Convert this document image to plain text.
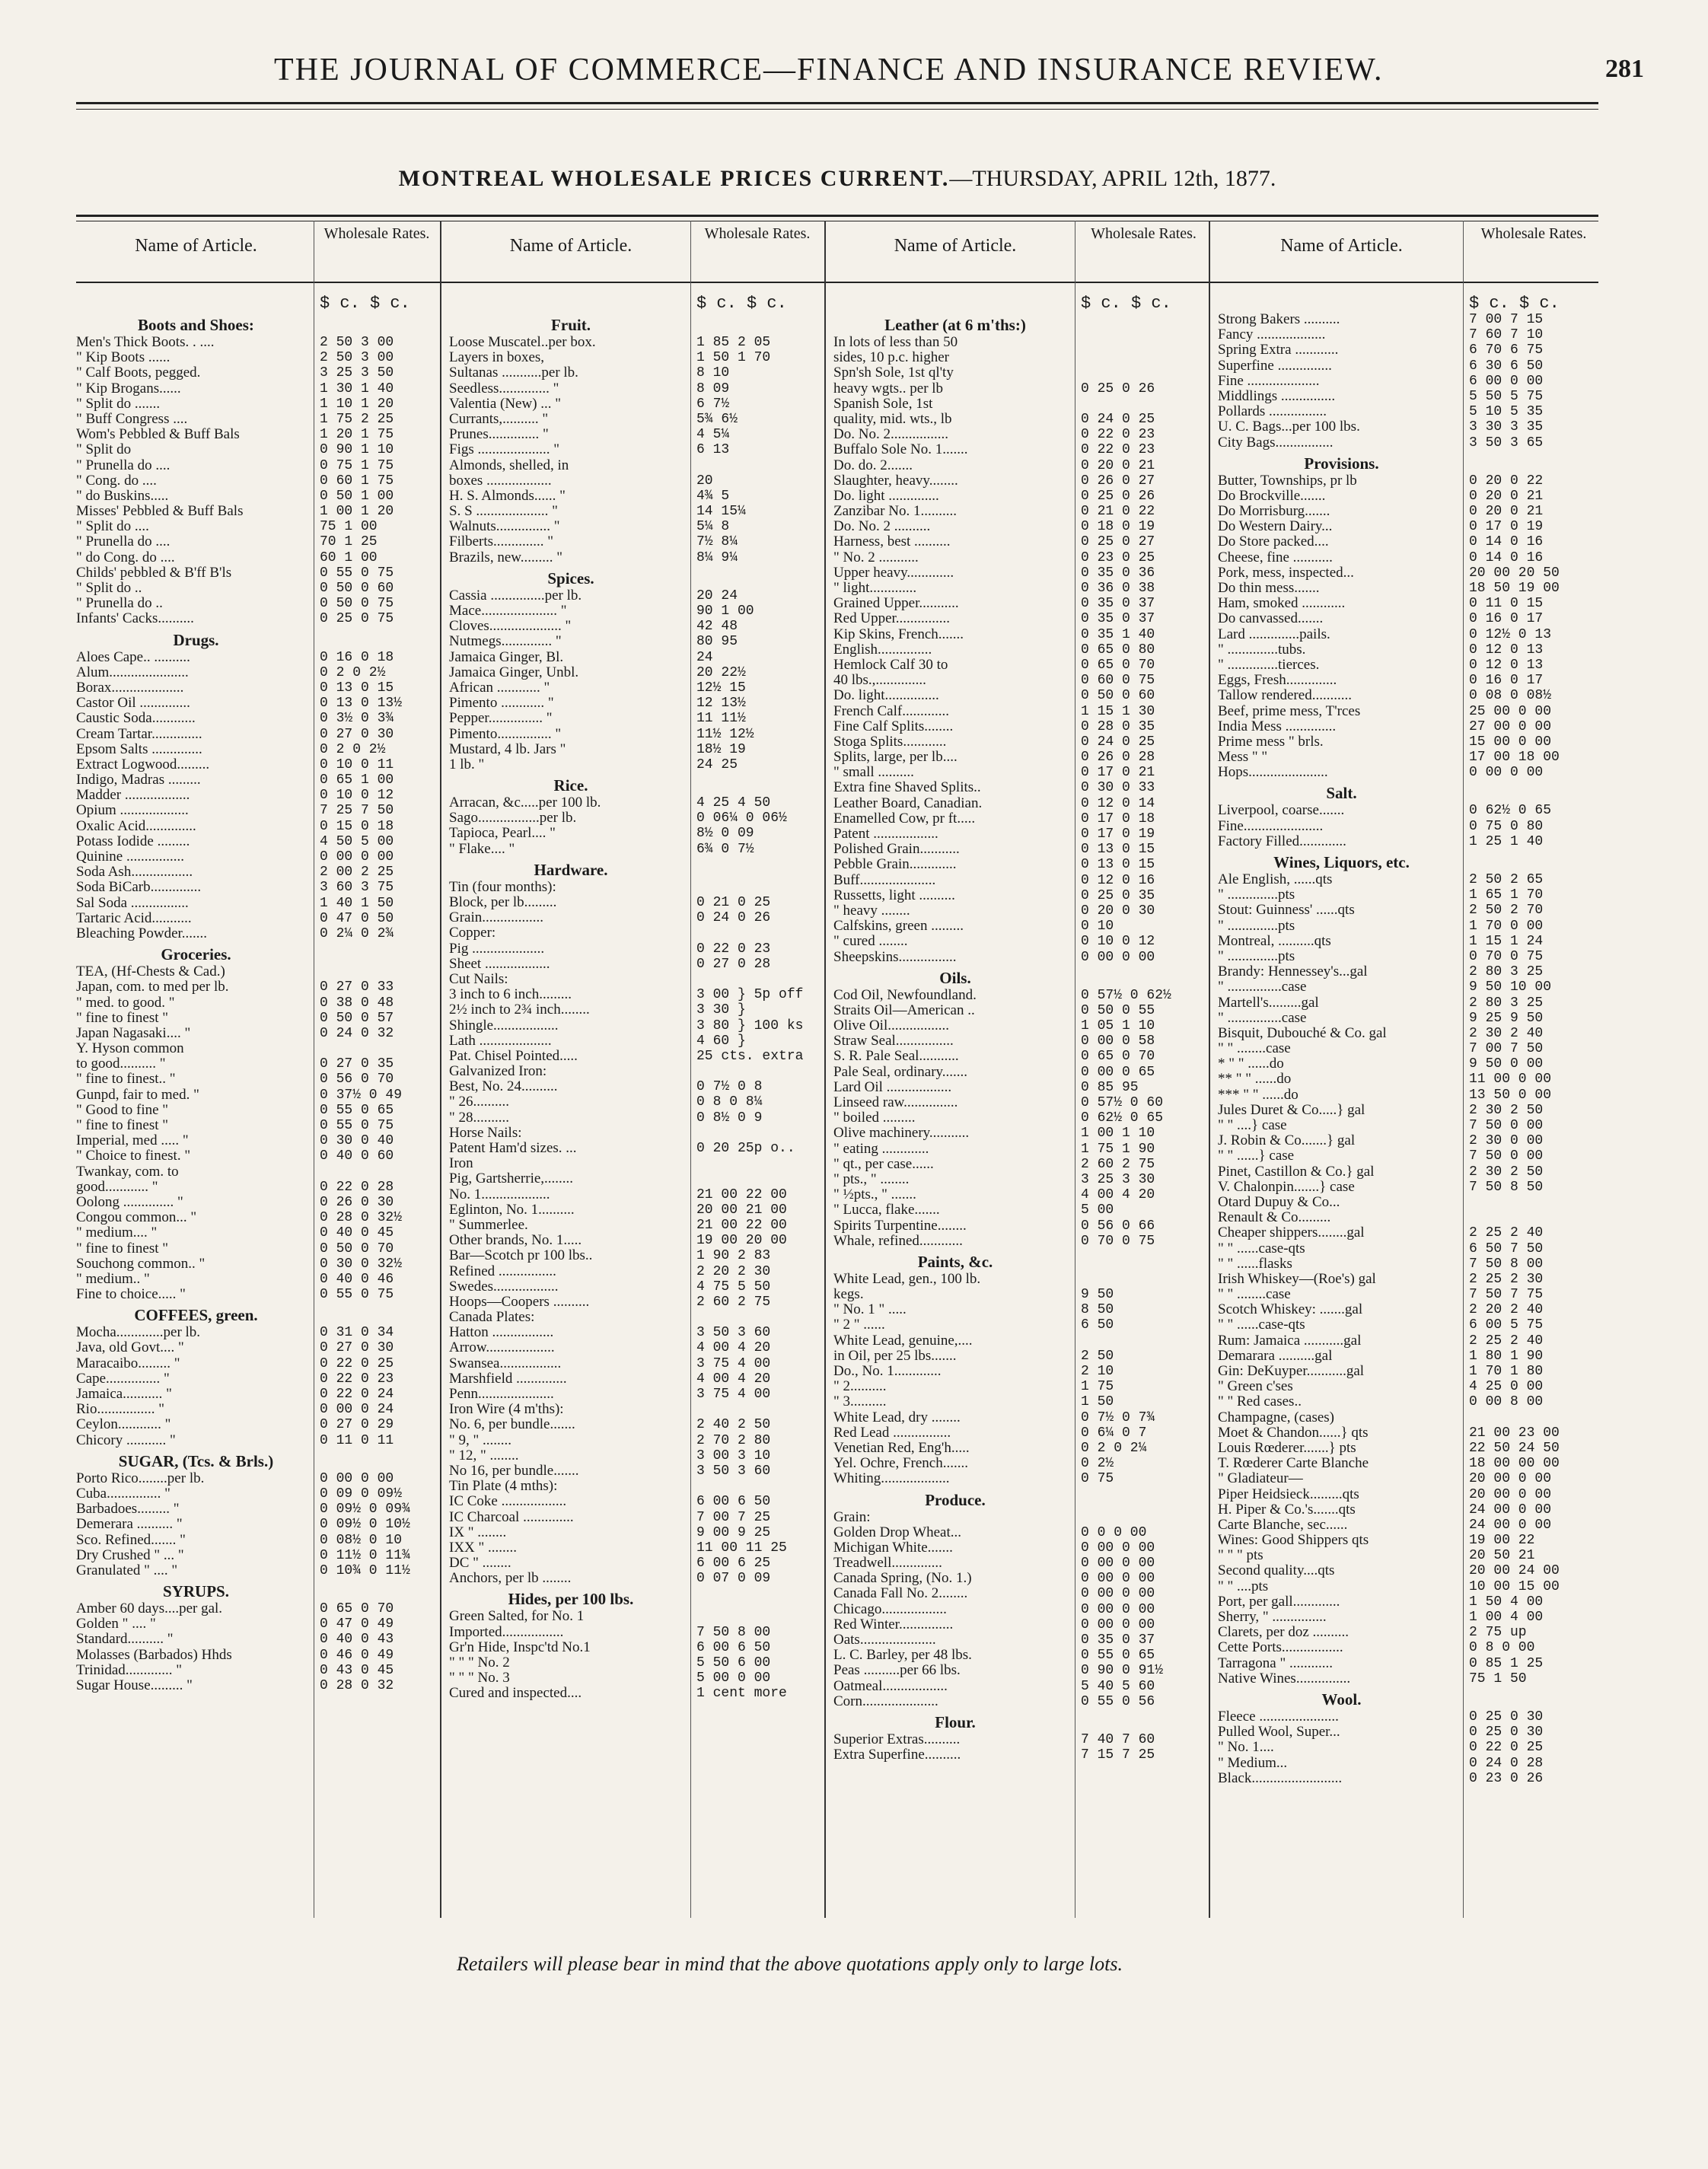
THE JOURNAL OF COMMERCE—FINANCE AND INSURANCE REVIEW.	281
MONTREAL WHOLESALE PRICES CURRENT.—THURSDAY, APRIL 12th, 1877.
Name of Article.
Wholesale Rates.
$ c. $ c.
Boots and Shoes:
Men's Thick Boots. . ....	2 50 3 00
" Kip Boots ......	2 50 3 00
" Calf Boots, pegged.	3 25 3 50
" Kip Brogans......	1 30 1 40
" Split do .......	1 10 1 20
" Buff Congress ....	1 75 2 25
Wom's Pebbled & Buff Bals	1 20 1 75
" Split do	0 90 1 10
" Prunella do ....	0 75 1 75
" Cong. do ....	0 60 1 75
" do Buskins.....	0 50 1 00
Misses' Pebbled & Buff Bals	1 00 1 20
" Split do ....	75 1 00
" Prunella do ....	70 1 25
" do Cong. do ....	60 1 00
Childs' pebbled & B'ff B'ls	0 55 0 75
" Split do ..	0 50 0 60
" Prunella do ..	0 50 0 75
Infants' Cacks..........	0 25 0 75
Drugs.
Aloes Cape.. ..........	0 16 0 18
Alum......................	0 2 0 2½
Borax....................	0 13 0 15
Castor Oil ..............	0 13 0 13½
Caustic Soda............	0 3½ 0 3¾
Cream Tartar..............	0 27 0 30
Epsom Salts ..............	0 2 0 2½
Extract Logwood.........	0 10 0 11
Indigo, Madras .........	0 65 1 00
Madder ..................	0 10 0 12
Opium ...................	7 25 7 50
Oxalic Acid..............	0 15 0 18
Potass Iodide .........	4 50 5 00
Quinine ................	0 00 0 00
Soda Ash.................	2 00 2 25
Soda BiCarb..............	3 60 3 75
Sal Soda ................	1 40 1 50
Tartaric Acid...........	0 47 0 50
Bleaching Powder.......	0 2¼ 0 2¾
Groceries.
TEA, (Hf-Chests & Cad.)
Japan, com. to med per lb.	0 27 0 33
" med. to good. "	0 38 0 48
" fine to finest "	0 50 0 57
Japan Nagasaki.... "	0 24 0 32
Y. Hyson common
to good.......... "	0 27 0 35
" fine to finest.. "	0 56 0 70
Gunpd, fair to med. "	0 37½ 0 49
" Good to fine "	0 55 0 65
" fine to finest "	0 55 0 75
Imperial, med ..... "	0 30 0 40
" Choice to finest. "	0 40 0 60
Twankay, com. to
good............ "	0 22 0 28
Oolong .............. "	0 26 0 30
Congou common... "	0 28 0 32½
" medium.... "	0 40 0 45
" fine to finest "	0 50 0 70
Souchong common.. "	0 30 0 32½
" medium.. "	0 40 0 46
Fine to choice..... "	0 55 0 75
COFFEES, green.
Mocha.............per lb.	0 31 0 34
Java, old Govt.... "	0 27 0 30
Maracaibo......... "	0 22 0 25
Cape............... "	0 22 0 23
Jamaica........... "	0 22 0 24
Rio................ "	0 00 0 24
Ceylon............ "	0 27 0 29
Chicory ........... "	0 11 0 11
SUGAR, (Tcs. & Brls.)
Porto Rico........per lb.	0 00 0 00
Cuba............... "	0 09 0 09½
Barbadoes......... "	0 09½ 0 09¾
Demerara .......... "	0 09½ 0 10½
Sco. Refined....... "	0 08½ 0 10
Dry Crushed " ... "	0 11½ 0 11¾
Granulated " .... "	0 10¾ 0 11½
SYRUPS.
Amber 60 days....per gal.	0 65 0 70
Golden " .... "	0 47 0 49
Standard.......... "	0 40 0 43
Molasses (Barbados) Hhds	0 46 0 49
Trinidad............. "	0 43 0 45
Sugar House......... "	0 28 0 32
Name of Article.
Wholesale Rates.
$ c. $ c.
Fruit.
Loose Muscatel..per box.	1 85 2 05
Layers in boxes,	1 50 1 70
Sultanas ...........per lb.	8 10
Seedless.............. "	8 09
Valentia (New) ... "	6 7½
Currants,.......... "	5¾ 6½
Prunes.............. "	4 5¼
Figs .................... "	6 13
Almonds, shelled, in
boxes ..................	20
H. S. Almonds...... "	4¾ 5
S. S .................... "	14 15¼
Walnuts............... "	5¼ 8
Filberts.............. "	7½ 8¼
Brazils, new......... "	8¼ 9¼
Spices.
Cassia ...............per lb.	20 24
Mace..................... "	90 1 00
Cloves.................... "	42 48
Nutmegs.............. "	80 95
Jamaica Ginger, Bl.	24
Jamaica Ginger, Unbl.	20 22½
African ............ "	12½ 15
Pimento ............ "	12 13½
Pepper............... "	11 11½
Pimento............... "	11½ 12½
Mustard, 4 lb. Jars "	18½ 19
1 lb. "	24 25
Rice.
Arracan, &c.....per 100 lb.	4 25 4 50
Sago.................per lb.	0 06¼ 0 06½
Tapioca, Pearl.... "	8½ 0 09
" Flake.... "	6¾ 0 7½
Hardware.
Tin (four months):
Block, per lb.........	0 21 0 25
Grain.................	0 24 0 26
Copper:
Pig ....................	0 22 0 23
Sheet ..................	0 27 0 28
Cut Nails:
3 inch to 6 inch.........	3 00 } 5p off
2½ inch to 2¾ inch........	3 30 }
Shingle..................	3 80 } 100 ks
Lath ....................	4 60 }
Pat. Chisel Pointed.....	25 cts. extra
Galvanized Iron:
Best, No. 24..........	0 7½ 0 8
" 26..........	0 8 0 8¼
" 28..........	0 8½ 0 9
Horse Nails:
Patent Ham'd sizes. ...	0 20 25p o..
Iron
Pig, Gartsherrie,........
No. 1...................	21 00 22 00
Eglinton, No. 1..........	20 00 21 00
" Summerlee.	21 00 22 00
Other brands, No. 1.....	19 00 20 00
Bar—Scotch pr 100 lbs..	1 90 2 83
Refined ................	2 20 2 30
Swedes..................	4 75 5 50
Hoops—Coopers ..........	2 60 2 75
Canada Plates:
Hatton .................	3 50 3 60
Arrow...................	4 00 4 20
Swansea.................	3 75 4 00
Marshfield ..............	4 00 4 20
Penn.....................	3 75 4 00
Iron Wire (4 m'ths):
No. 6, per bundle.......	2 40 2 50
" 9, " ........	2 70 2 80
" 12, " ........	3 00 3 10
No 16, per bundle.......	3 50 3 60
Tin Plate (4 mths):
IC Coke ..................	6 00 6 50
IC Charcoal ..............	7 00 7 25
IX " ........	9 00 9 25
IXX " ........	11 00 11 25
DC " ........	6 00 6 25
Anchors, per lb ........	0 07 0 09
Hides, per 100 lbs.
Green Salted, for No. 1
Imported.................	7 50 8 00
Gr'n Hide, Inspc'td No.1	6 00 6 50
" " " No. 2	5 50 6 00
" " " No. 3	5 00 0 00
Cured and inspected....	1 cent more
Name of Article.
Wholesale Rates.
$ c. $ c.
Leather (at 6 m'ths:)
In lots of less than 50
sides, 10 p.c. higher
Spn'sh Sole, 1st ql'ty
heavy wgts.. per lb	0 25 0 26
Spanish Sole, 1st
quality, mid. wts., lb	0 24 0 25
Do. No. 2................	0 22 0 23
Buffalo Sole No. 1.......	0 22 0 23
Do. do. 2.......	0 20 0 21
Slaughter, heavy........	0 26 0 27
Do. light ..............	0 25 0 26
Zanzibar No. 1..........	0 21 0 22
Do. No. 2 ..........	0 18 0 19
Harness, best ..........	0 25 0 27
" No. 2 ...........	0 23 0 25
Upper heavy.............	0 35 0 36
" light.............	0 36 0 38
Grained Upper...........	0 35 0 37
Red Upper...............	0 35 0 37
Kip Skins, French.......	0 35 1 40
English...............	0 65 0 80
Hemlock Calf 30 to	0 65 0 70
40 lbs.,..............	0 60 0 75
Do. light...............	0 50 0 60
French Calf.............	1 15 1 30
Fine Calf Splits........	0 28 0 35
Stoga Splits............	0 24 0 25
Splits, large, per lb....	0 26 0 28
" small ..........	0 17 0 21
Extra fine Shaved Splits..	0 30 0 33
Leather Board, Canadian.	0 12 0 14
Enamelled Cow, pr ft.....	0 17 0 18
Patent ..................	0 17 0 19
Polished Grain...........	0 13 0 15
Pebble Grain.............	0 13 0 15
Buff.....................	0 12 0 16
Russetts, light ..........	0 25 0 35
" heavy ........	0 20 0 30
Calfskins, green .........	0 10
" cured ........	0 10 0 12
Sheepskins................	0 00 0 00
Oils.
Cod Oil, Newfoundland.	0 57½ 0 62½
Straits Oil—American ..	0 50 0 55
Olive Oil.................	1 05 1 10
Straw Seal................	0 00 0 58
S. R. Pale Seal...........	0 65 0 70
Pale Seal, ordinary.......	0 00 0 65
Lard Oil ..................	0 85 95
Linseed raw...............	0 57½ 0 60
" boiled .........	0 62½ 0 65
Olive machinery...........	1 00 1 10
" eating .............	1 75 1 90
" qt., per case......	2 60 2 75
" pts., " ........	3 25 3 30
" ½pts., " .......	4 00 4 20
" Lucca, flake.......	5 00
Spirits Turpentine........	0 56 0 66
Whale, refined............	0 70 0 75
Paints, &c.
White Lead, gen., 100 lb.
kegs.	9 50
" No. 1 " .....	8 50
" 2 " ......	6 50
White Lead, genuine,....
in Oil, per 25 lbs.......	2 50
Do., No. 1.............	2 10
" 2..........	1 75
" 3..........	1 50
White Lead, dry ........	0 7½ 0 7¾
Red Lead ................	0 6¼ 0 7
Venetian Red, Eng'h.....	0 2 0 2¼
Yel. Ochre, French.......	0 2½
Whiting...................	0 75
Produce.
Grain:
Golden Drop Wheat...	0 0 0 00
Michigan White.......	0 00 0 00
Treadwell..............	0 00 0 00
Canada Spring, (No. 1.)	0 00 0 00
Canada Fall No. 2........	0 00 0 00
Chicago..................	0 00 0 00
Red Winter...............	0 00 0 00
Oats.....................	0 35 0 37
L. C. Barley, per 48 lbs.	0 55 0 65
Peas ..........per 66 lbs.	0 90 0 91½
Oatmeal..................	5 40 5 60
Corn.....................	0 55 0 56
Flour.
Superior Extras..........	7 40 7 60
Extra Superfine..........	7 15 7 25
Name of Article.
Wholesale Rates.
$ c. $ c.
Strong Bakers ..........	7 00 7 15
Fancy ...................	7 60 7 10
Spring Extra ............	6 70 6 75
Superfine ...............	6 30 6 50
Fine ....................	6 00 0 00
Middlings ...............	5 50 5 75
Pollards ................	5 10 5 35
U. C. Bags...per 100 lbs.	3 30 3 35
City Bags................	3 50 3 65
Provisions.
Butter, Townships, pr lb	0 20 0 22
Do Brockville.......	0 20 0 21
Do Morrisburg.......	0 20 0 21
Do Western Dairy...	0 17 0 19
Do Store packed....	0 14 0 16
Cheese, fine ...........	0 14 0 16
Pork, mess, inspected...	20 00 20 50
Do thin mess.......	18 50 19 00
Ham, smoked ............	0 11 0 15
Do canvassed.......	0 16 0 17
Lard ..............pails.	0 12½ 0 13
" ..............tubs.	0 12 0 13
" ..............tierces.	0 12 0 13
Eggs, Fresh..............	0 16 0 17
Tallow rendered...........	0 08 0 08½
Beef, prime mess, T'rces	25 00 0 00
India Mess ..............	27 00 0 00
Prime mess " brls.	15 00 0 00
Mess " "	17 00 18 00
Hops......................	0 00 0 00
Salt.
Liverpool, coarse.......	0 62½ 0 65
Fine......................	0 75 0 80
Factory Filled.............	1 25 1 40
Wines, Liquors, etc.
Ale English, ......qts	2 50 2 65
" ..............pts	1 65 1 70
Stout: Guinness' ......qts	2 50 2 70
" ..............pts	1 70 0 00
Montreal, ..........qts	1 15 1 24
" ..............pts	0 70 0 75
Brandy: Hennessey's...gal	2 80 3 25
" ...............case	9 50 10 00
Martell's.........gal	2 80 3 25
" ...............case	9 25 9 50
Bisquit, Dubouché & Co. gal	2 30 2 40
" " ........case	7 00 7 50
* " " ......do	9 50 0 00
** " " ......do	11 00 0 00
*** " " ......do	13 50 0 00
Jules Duret & Co.....} gal	2 30 2 50
" " ....} case	7 50 0 00
J. Robin & Co.......} gal	2 30 0 00
" " ......} case	7 50 0 00
Pinet, Castillon & Co.} gal	2 30 2 50
V. Chalonpin.......} case	7 50 8 50
Otard Dupuy & Co...
Renault & Co.........
Cheaper shippers........gal	2 25 2 40
" " ......case-qts	6 50 7 50
" " ......flasks	7 50 8 00
Irish Whiskey—(Roe's) gal	2 25 2 30
" " ........case	7 50 7 75
Scotch Whiskey: .......gal	2 20 2 40
" " ......case-qts	6 00 5 75
Rum: Jamaica ...........gal	2 25 2 40
Demarara ..........gal	1 80 1 90
Gin: DeKuyper...........gal	1 70 1 80
" Green c'ses	4 25 0 00
" " Red cases..	0 00 8 00
Champagne, (cases)
Moet & Chandon......} qts	21 00 23 00
Louis Rœderer.......} pts	22 50 24 50
T. Rœderer Carte Blanche	18 00 00 00
" Gladiateur—	20 00 0 00
Piper Heidsieck.........qts	20 00 0 00
H. Piper & Co.'s.......qts	24 00 0 00
Carte Blanche, sec......	24 00 0 00
Wines: Good Shippers qts	19 00 22
" " " pts	20 50 21
Second quality....qts	20 00 24 00
" " ....pts	10 00 15 00
Port, per gall.............	1 50 4 00
Sherry, " ...............	1 00 4 00
Clarets, per doz ..........	2 75 up
Cette Ports.................	0 8 0 00
Tarragona " ............	0 85 1 25
Native Wines...............	75 1 50
Wool.
Fleece ......................	0 25 0 30
Pulled Wool, Super...	0 25 0 30
" No. 1....	0 22 0 25
" Medium...	0 24 0 28
Black.........................	0 23 0 26
Retailers will please bear in mind that the above quotations apply only to large lots.
